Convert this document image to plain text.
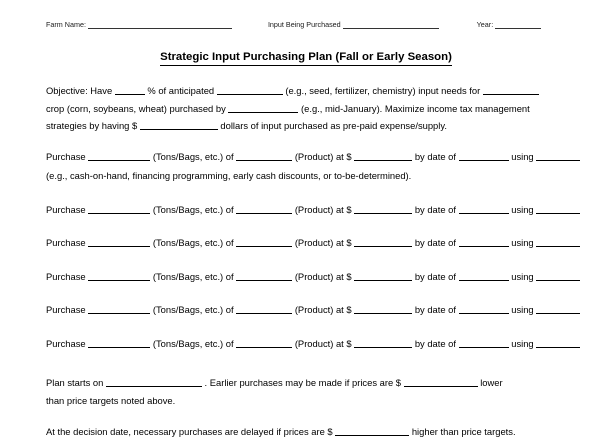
Farm Name:	Input Being Purchased	Year:
Strategic Input Purchasing Plan (Fall or Early Season)
Objective: Have	% of anticipated	(e.g., seed, fertilizer, chemistry) input needs for
crop (corn, soybeans, wheat) purchased by	(e.g., mid-January). Maximize income tax management
strategies by having $	dollars of input purchased as pre-paid expense/supply.
Purchase	(Tons/Bags, etc.) of	(Product) at $	by date of	using
(e.g., cash-on-hand, financing programming, early cash discounts, or to-be-determined).
Purchase	(Tons/Bags, etc.) of	(Product) at $	by date of	using
Purchase	(Tons/Bags, etc.) of	(Product) at $	by date of	using
Purchase	(Tons/Bags, etc.) of	(Product) at $	by date of	using
Purchase	(Tons/Bags, etc.) of	(Product) at $	by date of	using
Purchase	(Tons/Bags, etc.) of	(Product) at $	by date of	using
Plan starts on	. Earlier purchases may be made if prices are $	lower
than price targets noted above.
At the decision date, necessary purchases are delayed if prices are $	higher than price targets.
